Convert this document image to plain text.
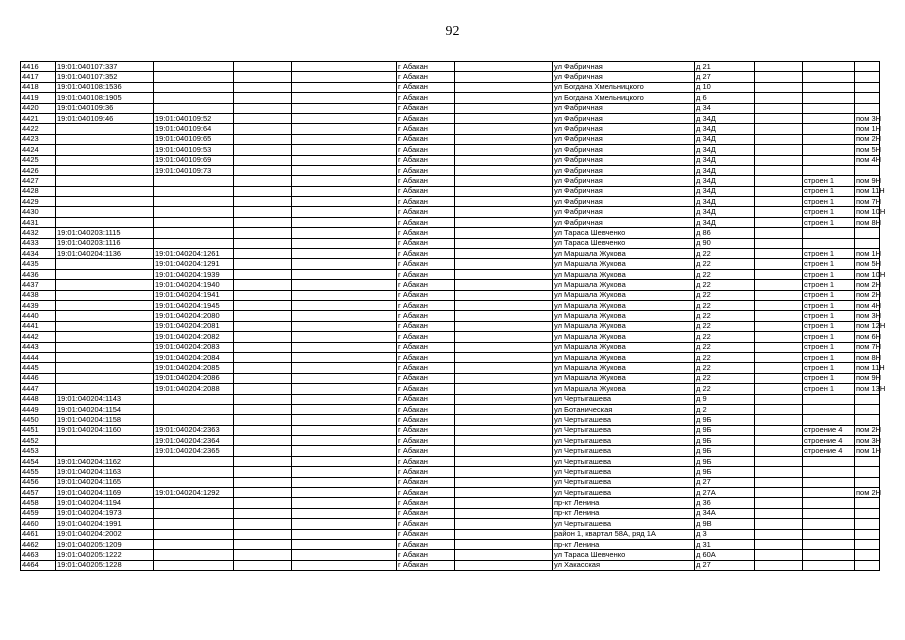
92
4416	19:01:040107:337				г Абакан		ул Фабричная	д 21			
4417	19:01:040107:352				г Абакан		ул Фабричная	д 27			
4418	19:01:040108:1536				г Абакан		ул Богдана Хмельницкого	д 10			
4419	19:01:040108:1905				г Абакан		ул Богдана Хмельницкого	д 6			
4420	19:01:040109:36				г Абакан		ул Фабричная	д 34			
4421	19:01:040109:46	19:01:040109:52			г Абакан		ул Фабричная	д 34Д			пом 3Н
4422		19:01:040109:64			г Абакан		ул Фабричная	д 34Д			пом 1Н
4423		19:01:040109:65			г Абакан		ул Фабричная	д 34Д			пом 2Н
4424		19:01:040109:53			г Абакан		ул Фабричная	д 34Д			пом 5Н
4425		19:01:040109:69			г Абакан		ул Фабричная	д 34Д			пом 4Н
4426		19:01:040109:73			г Абакан		ул Фабричная	д 34Д			
4427					г Абакан		ул Фабричная	д 34Д		строен 1	пом 9Н
4428					г Абакан		ул Фабричная	д 34Д		строен 1	пом 11Н
4429					г Абакан		ул Фабричная	д 34Д		строен 1	пом 7Н
4430					г Абакан		ул Фабричная	д 34Д		строен 1	пом 10Н
4431					г Абакан		ул Фабричная	д 34Д		строен 1	пом 8Н
4432	19:01:040203:1115				г Абакан		ул Тараса Шевченко	д 86			
4433	19:01:040203:1116				г Абакан		ул Тараса Шевченко	д 90			
4434	19:01:040204:1136	19:01:040204:1261			г Абакан		ул Маршала Жукова	д 22		строен 1	пом 1Н
4435		19:01:040204:1291			г Абакан		ул Маршала Жукова	д 22		строен 1	пом 5Н
4436		19:01:040204:1939			г Абакан		ул Маршала Жукова	д 22		строен 1	пом 10Н
4437		19:01:040204:1940			г Абакан		ул Маршала Жукова	д 22		строен 1	пом 2Н
4438		19:01:040204:1941			г Абакан		ул Маршала Жукова	д 22		строен 1	пом 2Н
4439		19:01:040204:1945			г Абакан		ул Маршала Жукова	д 22		строен 1	пом 4Н
4440		19:01:040204:2080			г Абакан		ул Маршала Жукова	д 22		строен 1	пом 3Н
4441		19:01:040204:2081			г Абакан		ул Маршала Жукова	д 22		строен 1	пом 12Н
4442		19:01:040204:2082			г Абакан		ул Маршала Жукова	д 22		строен 1	пом 6Н
4443		19:01:040204:2083			г Абакан		ул Маршала Жукова	д 22		строен 1	пом 7Н
4444		19:01:040204:2084			г Абакан		ул Маршала Жукова	д 22		строен 1	пом 8Н
4445		19:01:040204:2085			г Абакан		ул Маршала Жукова	д 22		строен 1	пом 11Н
4446		19:01:040204:2086			г Абакан		ул Маршала Жукова	д 22		строен 1	пом 9Н
4447		19:01:040204:2088			г Абакан		ул Маршала Жукова	д 22		строен 1	пом 13Н
4448	19:01:040204:1143				г Абакан		ул Чертыгашева	д 9			
4449	19:01:040204:1154				г Абакан		ул Ботаническая	д 2			
4450	19:01:040204:1158				г Абакан		ул Чертыгашева	д 9Б			
4451	19:01:040204:1160	19:01:040204:2363			г Абакан		ул Чертыгашева	д 9Б		строение 4	пом 2Н
4452		19:01:040204:2364			г Абакан		ул Чертыгашева	д 9Б		строение 4	пом 3Н
4453		19:01:040204:2365			г Абакан		ул Чертыгашева	д 9Б		строение 4	пом 1Н
4454	19:01:040204:1162				г Абакан		ул Чертыгашева	д 9Б			
4455	19:01:040204:1163				г Абакан		ул Чертыгашева	д 9Б			
4456	19:01:040204:1165				г Абакан		ул Чертыгашева	д 27			
4457	19:01:040204:1169	19:01:040204:1292			г Абакан		ул Чертыгашева	д 27А			пом 2Н
4458	19:01:040204:1194				г Абакан		пр-кт Ленина	д 36			
4459	19:01:040204:1973				г Абакан		пр-кт Ленина	д 34А			
4460	19:01:040204:1991				г Абакан		ул Чертыгашева	д 9В			
4461	19:01:040204:2002				г Абакан		район 1, квартал 58А, ряд 1А	д 3			
4462	19:01:040205:1209				г Абакан		пр-кт Ленина	д 31			
4463	19:01:040205:1222				г Абакан		ул Тараса Шевченко	д 60А			
4464	19:01:040205:1228				г Абакан		ул Хакасская	д 27			
